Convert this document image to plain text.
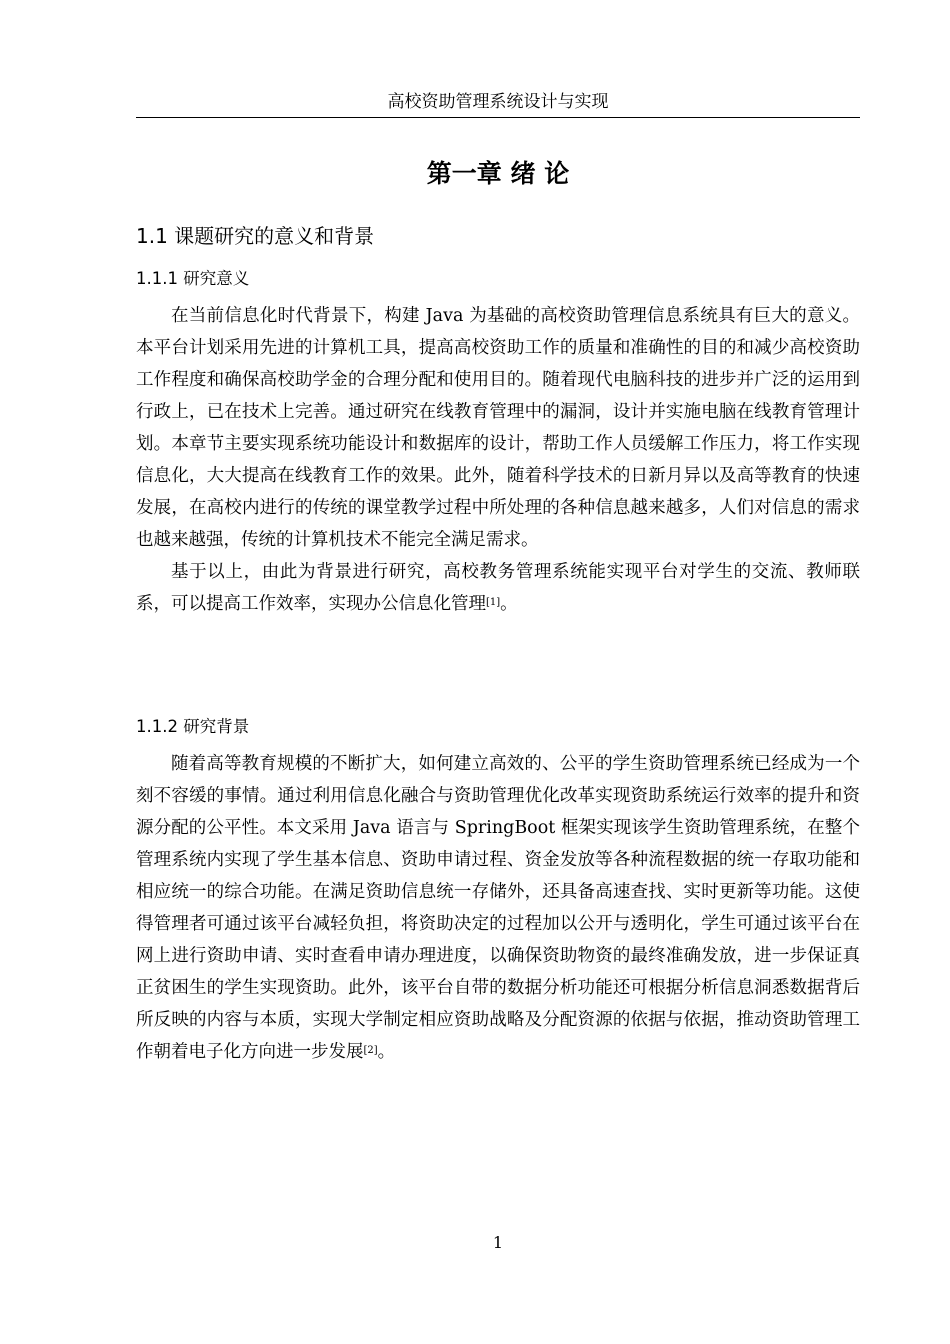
高校资助管理系统设计与实现
第一章 绪 论
1.1 课题研究的意义和背景
1.1.1 研究意义

在当前信息化时代背景下，构建 Java 为基础的高校资助管理信息系统具有巨大的意义。本平台计划采用先进的计算机工具，提高高校资助工作的质量和准确性的目的和减少高校资助工作程度和确保高校助学金的合理分配和使用目的。随着现代电脑科技的进步并广泛的运用到行政上，已在技术上完善。通过研究在线教育管理中的漏洞，设计并实施电脑在线教育管理计划。本章节主要实现系统功能设计和数据库的设计，帮助工作人员缓解工作压力，将工作实现信息化，大大提高在线教育工作的效果。此外，随着科学技术的日新月异以及高等教育的快速发展，在高校内进行的传统的课堂教学过程中所处理的各种信息越来越多，人们对信息的需求也越来越强，传统的计算机技术不能完全满足需求。

基于以上，由此为背景进行研究，高校教务管理系统能实现平台对学生的交流、教师联系，可以提高工作效率，实现办公信息化管理[1]。

1.1.2 研究背景

随着高等教育规模的不断扩大，如何建立高效的、公平的学生资助管理系统已经成为一个刻不容缓的事情。通过利用信息化融合与资助管理优化改革实现资助系统运行效率的提升和资源分配的公平性。本文采用 Java 语言与 SpringBoot 框架实现该学生资助管理系统，在整个管理系统内实现了学生基本信息、资助申请过程、资金发放等各种流程数据的统一存取功能和相应统一的综合功能。在满足资助信息统一存储外，还具备高速查找、实时更新等功能。这使得管理者可通过该平台减轻负担，将资助决定的过程加以公开与透明化，学生可通过该平台在网上进行资助申请、实时查看申请办理进度，以确保资助物资的最终准确发放，进一步保证真正贫困生的学生实现资助。此外，该平台自带的数据分析功能还可根据分析信息洞悉数据背后所反映的内容与本质，实现大学制定相应资助战略及分配资源的依据与依据，推动资助管理工作朝着电子化方向进一步发展[2]。

1
